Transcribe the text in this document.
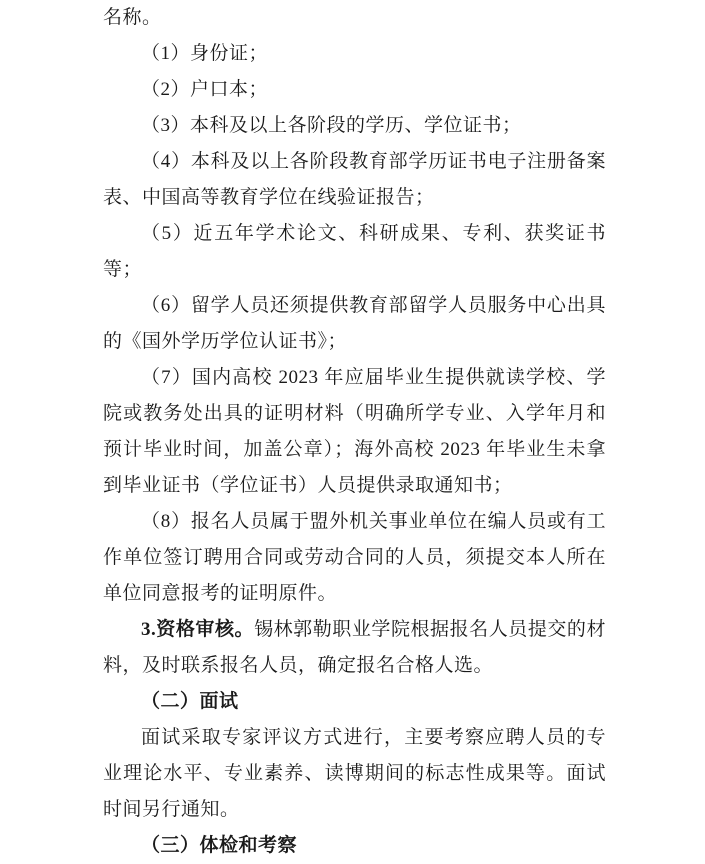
名称。

（1）身份证；

（2）户口本；

（3）本科及以上各阶段的学历、学位证书；

（4）本科及以上各阶段教育部学历证书电子注册备案表、中国高等教育学位在线验证报告；

（5）近五年学术论文、科研成果、专利、获奖证书等；

（6）留学人员还须提供教育部留学人员服务中心出具的《国外学历学位认证书》；

（7）国内高校 2023 年应届毕业生提供就读学校、学院或教务处出具的证明材料（明确所学专业、入学年月和预计毕业时间，加盖公章）；海外高校 2023 年毕业生未拿到毕业证书（学位证书）人员提供录取通知书；

（8）报名人员属于盟外机关事业单位在编人员或有工作单位签订聘用合同或劳动合同的人员，须提交本人所在单位同意报考的证明原件。

3.资格审核。锡林郭勒职业学院根据报名人员提交的材料，及时联系报名人员，确定报名合格人选。

（二）面试

面试采取专家评议方式进行，主要考察应聘人员的专业理论水平、专业素养、读博期间的标志性成果等。面试时间另行通知。

（三）体检和考察
